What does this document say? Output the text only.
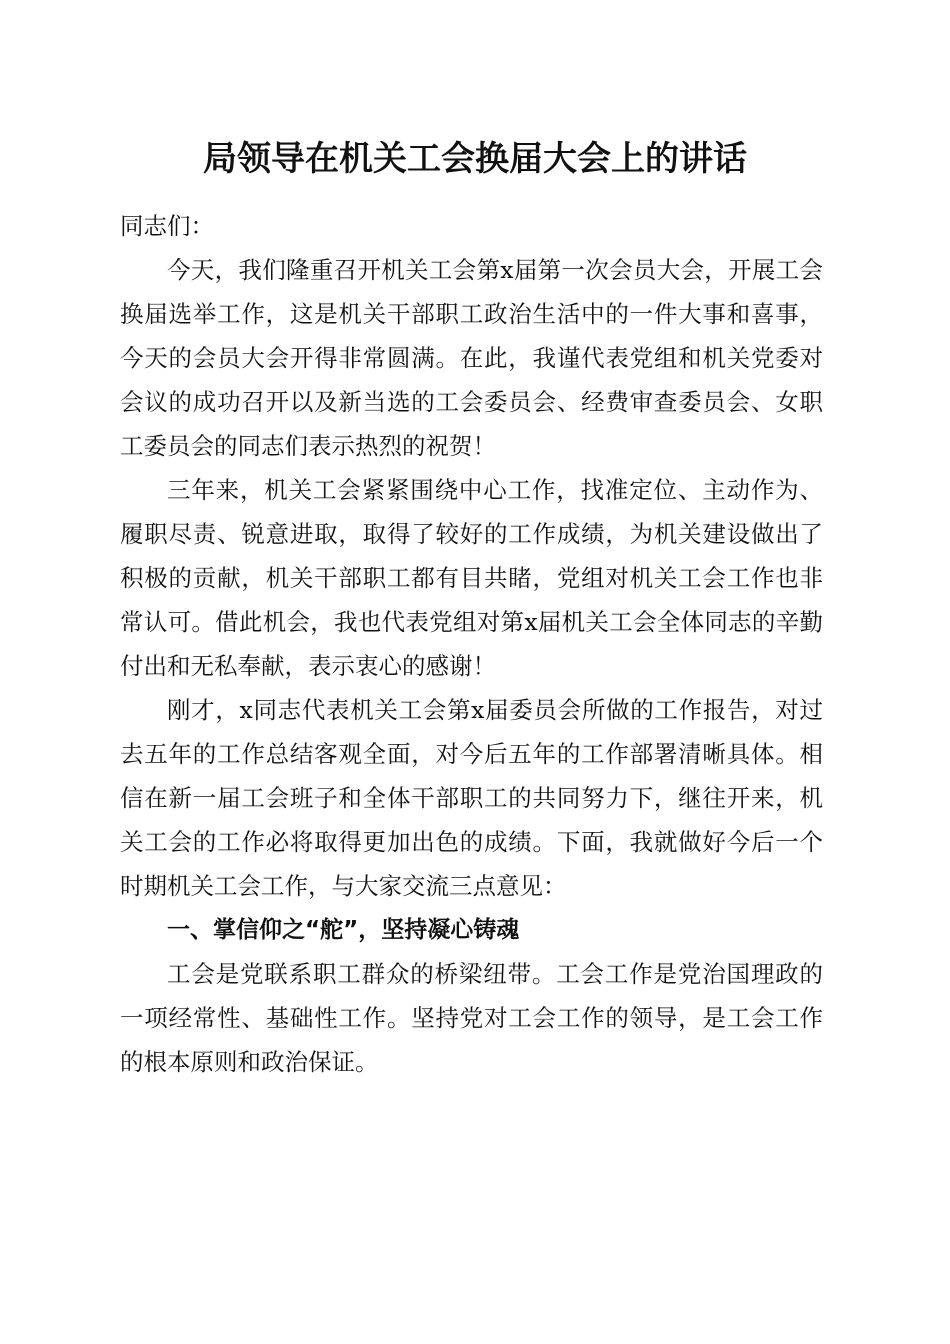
局领导在机关工会换届大会上的讲话

同志们：

今天，我们隆重召开机关工会第x届第一次会员大会，开展工会换届选举工作，这是机关干部职工政治生活中的一件大事和喜事，今天的会员大会开得非常圆满。在此，我谨代表党组和机关党委对会议的成功召开以及新当选的工会委员会、经费审查委员会、女职工委员会的同志们表示热烈的祝贺！

三年来，机关工会紧紧围绕中心工作，找准定位、主动作为、履职尽责、锐意进取，取得了较好的工作成绩，为机关建设做出了积极的贡献，机关干部职工都有目共睹，党组对机关工会工作也非常认可。借此机会，我也代表党组对第x届机关工会全体同志的辛勤付出和无私奉献，表示衷心的感谢！

刚才，x同志代表机关工会第x届委员会所做的工作报告，对过去五年的工作总结客观全面，对今后五年的工作部署清晰具体。相信在新一届工会班子和全体干部职工的共同努力下，继往开来，机关工会的工作必将取得更加出色的成绩。下面，我就做好今后一个时期机关工会工作，与大家交流三点意见：

一、掌信仰之“舵”，坚持凝心铸魂

工会是党联系职工群众的桥梁纽带。工会工作是党治国理政的一项经常性、基础性工作。坚持党对工会工作的领导，是工会工作的根本原则和政治保证。
